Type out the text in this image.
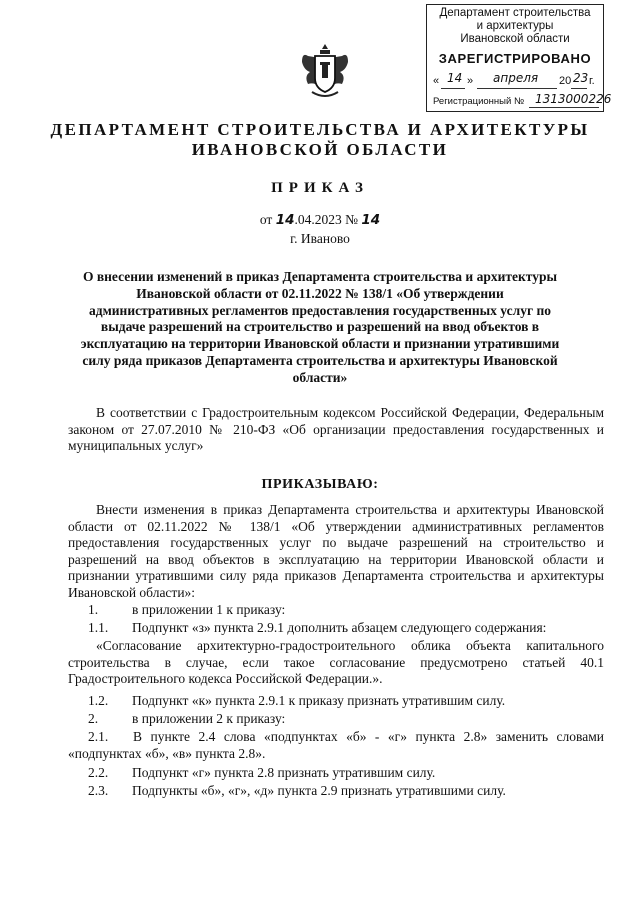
Департамент строительства
и архитектуры
Ивановской области
ЗАРЕГИСТРИРОВАНО
« 14 » апреля 20 23 г.
Регистрационный № 1313000226
ДЕПАРТАМЕНТ СТРОИТЕЛЬСТВА И АРХИТЕКТУРЫ
ИВАНОВСКОЙ ОБЛАСТИ
ПРИКАЗ
от 14.04.2023 № 14
г. Иваново
О внесении изменений в приказ Департамента строительства и архитектуры Ивановской области от 02.11.2022 № 138/1 «Об утверждении административных регламентов предоставления государственных услуг по выдаче разрешений на строительство и разрешений на ввод объектов в эксплуатацию на территории Ивановской области и признании утратившими силу ряда приказов Департамента строительства и архитектуры Ивановской области»

В соответствии с Градостроительным кодексом Российской Федерации, Федеральным законом от 27.07.2010 № 210-ФЗ «Об организации предоставления государственных и муниципальных услуг»

ПРИКАЗЫВАЮ:

Внести изменения в приказ Департамента строительства и архитектуры Ивановской области от 02.11.2022 № 138/1 «Об утверждении административных регламентов предоставления государственных услуг по выдаче разрешений на строительство и разрешений на ввод объектов в эксплуатацию на территории Ивановской области и признании утратившими силу ряда приказов Департамента строительства и архитектуры Ивановской области»:

1.	в приложении 1 к приказу:
1.1. Подпункт «з» пункта 2.9.1 дополнить абзацем следующего содержания:

«Согласование архитектурно-градостроительного облика объекта капитального строительства в случае, если такое согласование предусмотрено статьей 40.1 Градостроительного кодекса Российской Федерации.».

1.2. Подпункт «к» пункта 2.9.1 к приказу признать утратившим силу.
2.	в приложении 2 к приказу:
2.1. В пункте 2.4 слова «подпунктах «б» - «г» пункта 2.8» заменить словами «подпунктах «б», «в» пункта 2.8».
2.2. Подпункт «г» пункта 2.8 признать утратившим силу.
2.3. Подпункты «б», «г», «д» пункта 2.9 признать утратившими силу.
